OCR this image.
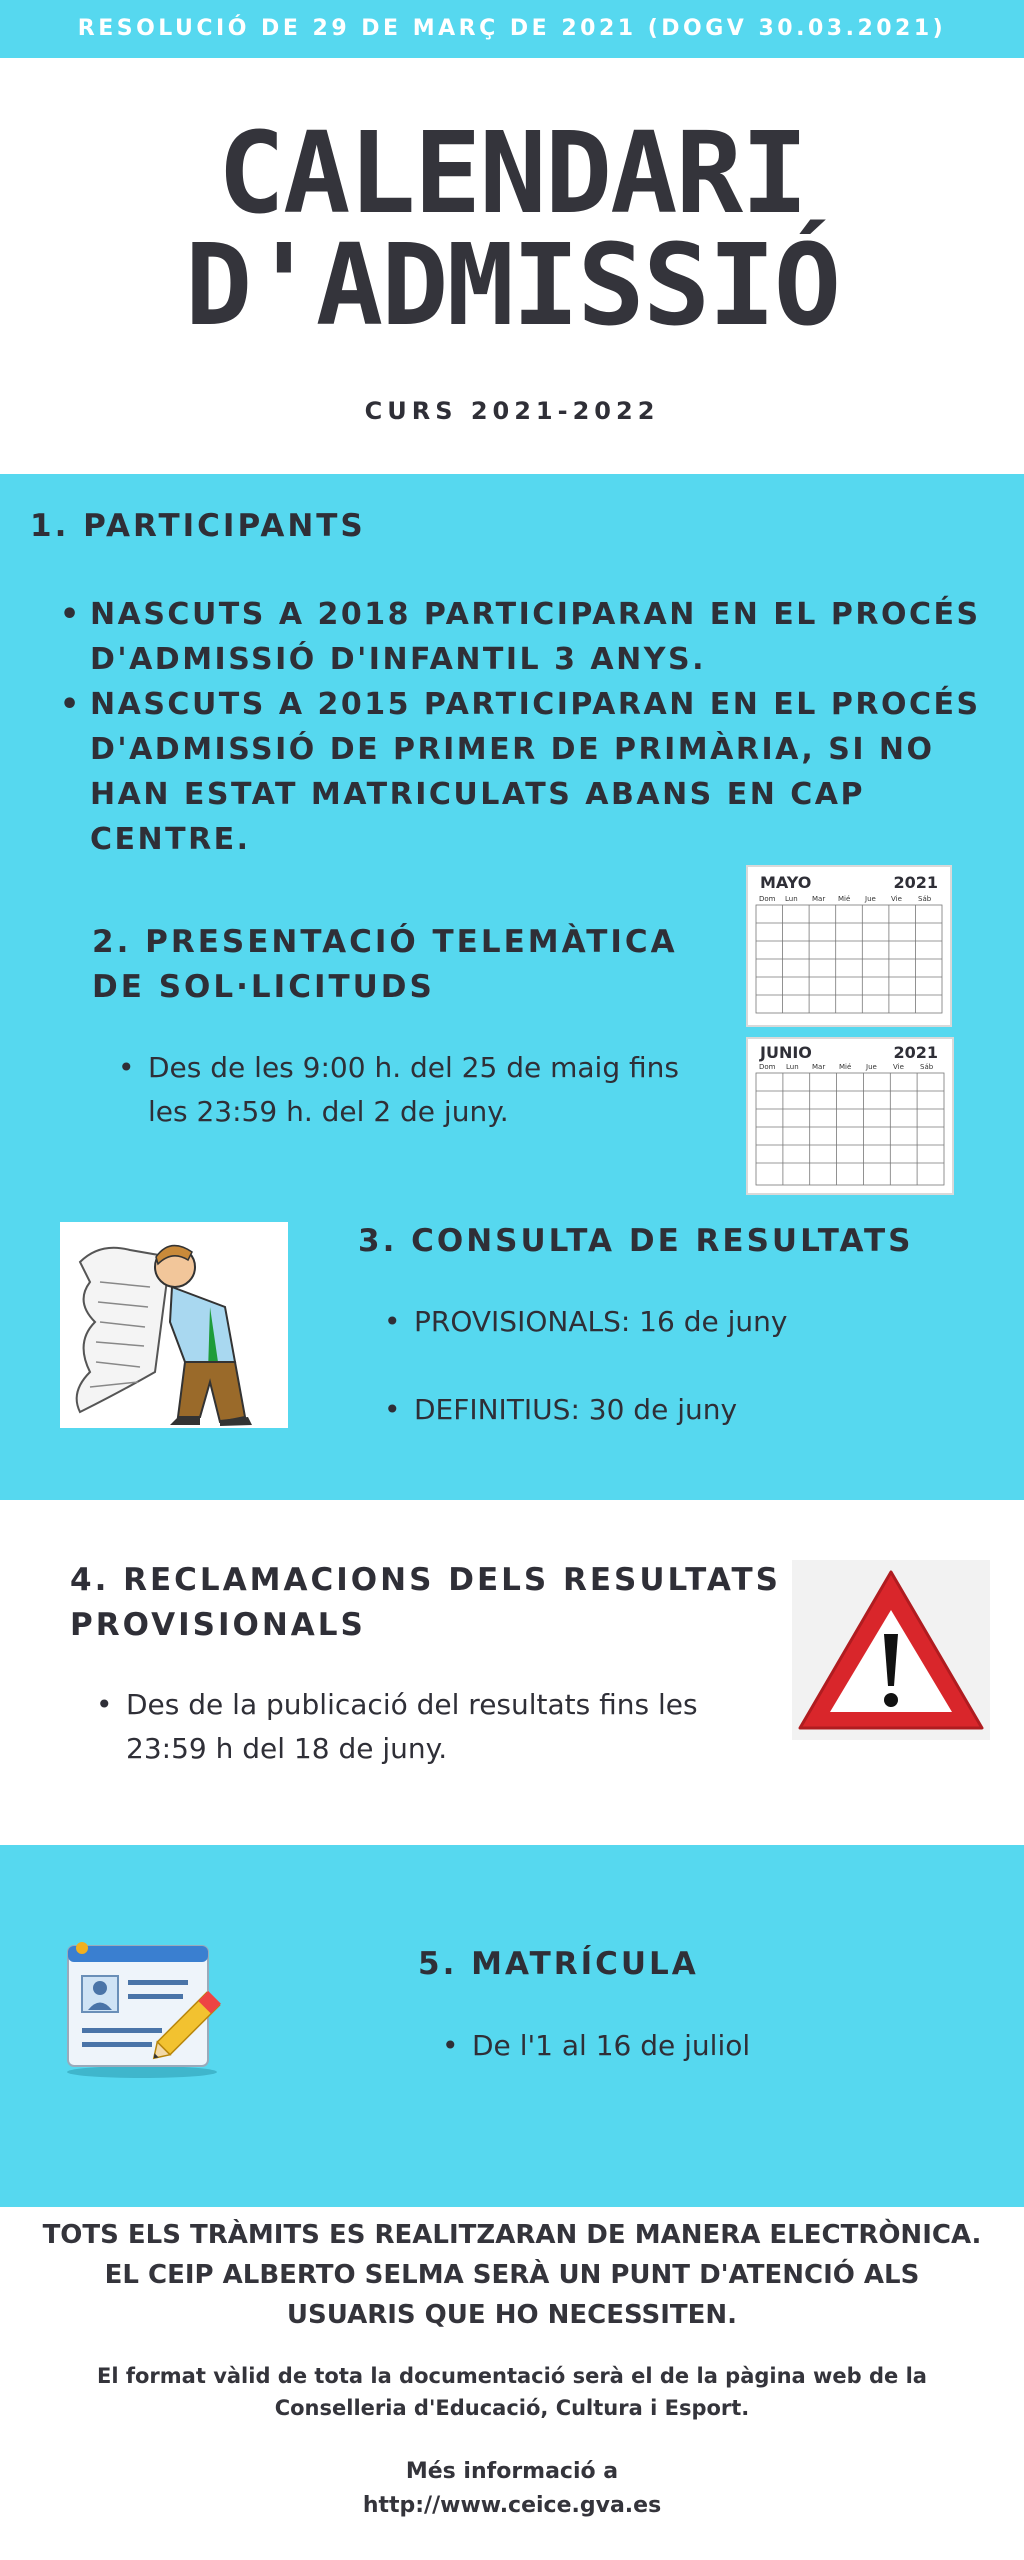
RESOLUCIÓ DE 29 DE MARÇ DE 2021 (DOGV 30.03.2021)
CALENDARI
D'ADMISSIÓ
CURS 2021-2022
1. PARTICIPANTS
• NASCUTS A 2018 PARTICIPARAN EN EL PROCÉS D'ADMISSIÓ D'INFANTIL 3 ANYS.
• NASCUTS A 2015 PARTICIPARAN EN EL PROCÉS D'ADMISSIÓ DE PRIMER DE PRIMÀRIA, SI NO HAN ESTAT MATRICULATS ABANS EN CAP CENTRE.
2. PRESENTACIÓ TELEMÀTICA
DE SOL·LICITUDS
• Des de les 9:00 h. del 25 de maig fins les 23:59 h. del 2 de juny.
MAYO	2021
Dom Lun Mar Mié Jue Vie Sáb
JUNIO	2021
Dom Lun Mar Mié Jue Vie Sáb
3. CONSULTA DE RESULTATS
• PROVISIONALS: 16 de juny
• DEFINITIUS: 30 de juny
4. RECLAMACIONS DELS RESULTATS
PROVISIONALS
• Des de la publicació del resultats fins les 23:59 h del 18 de juny.
5. MATRÍCULA
• De l'1 al 16 de juliol
TOTS ELS TRÀMITS ES REALITZARAN DE MANERA ELECTRÒNICA.
EL CEIP ALBERTO SELMA SERÀ UN PUNT D'ATENCIÓ ALS
USUARIS QUE HO NECESSITEN.
El format vàlid de tota la documentació serà el de la pàgina web de la
Conselleria d'Educació, Cultura i Esport.
Més informació a
http://www.ceice.gva.es
